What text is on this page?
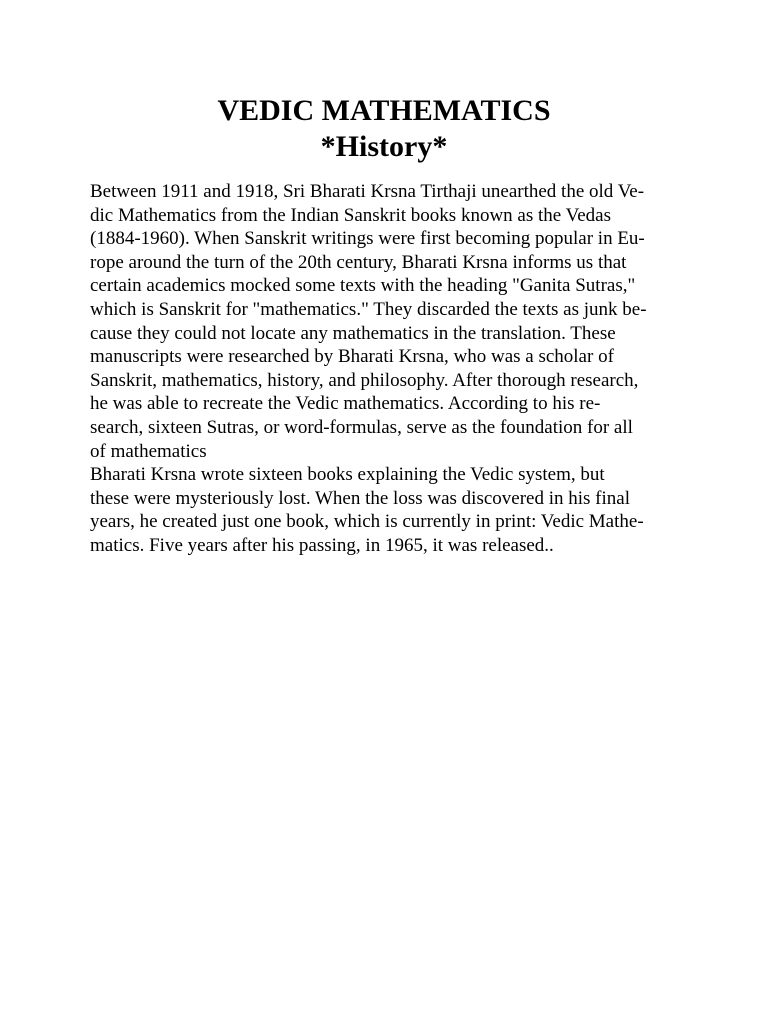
VEDIC MATHEMATICS
*History*
Between 1911 and 1918, Sri Bharati Krsna Tirthaji unearthed the old Ve-
dic Mathematics from the Indian Sanskrit books known as the Vedas
(1884-1960). When Sanskrit writings were first becoming popular in Eu-
rope around the turn of the 20th century, Bharati Krsna informs us that
certain academics mocked some texts with the heading "Ganita Sutras,"
which is Sanskrit for "mathematics." They discarded the texts as junk be-
cause they could not locate any mathematics in the translation. These
manuscripts were researched by Bharati Krsna, who was a scholar of
Sanskrit, mathematics, history, and philosophy. After thorough research,
he was able to recreate the Vedic mathematics. According to his re-
search, sixteen Sutras, or word-formulas, serve as the foundation for all
of mathematics
Bharati Krsna wrote sixteen books explaining the Vedic system, but
these were mysteriously lost. When the loss was discovered in his final
years, he created just one book, which is currently in print: Vedic Mathe-
matics. Five years after his passing, in 1965, it was released..
